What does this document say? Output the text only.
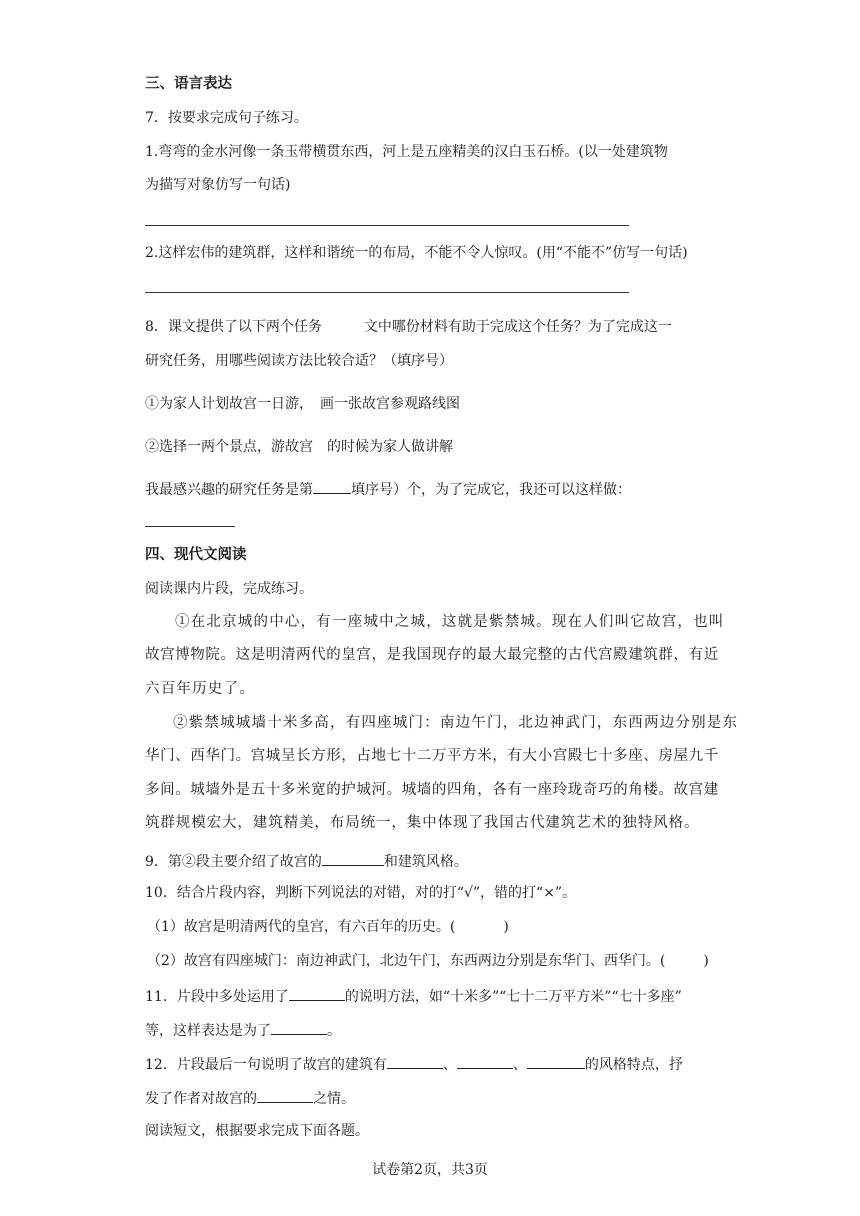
三、语言表达
7．按要求完成句子练习。
1.弯弯的金水河像一条玉带横贯东西，河上是五座精美的汉白玉石桥。(以一处建筑物
为描写对象仿写一句话)
2.这样宏伟的建筑群，这样和谐统一的布局，不能不令人惊叹。(用“不能不”仿写一句话)
8．课文提供了以下两个任务　　　文中哪份材料有助于完成这个任务？为了完成这一
研究任务，用哪些阅读方法比较合适？（填序号）
①为家人计划故宫一日游，　画一张故宫参观路线图
②选择一两个景点，游故宫　的时候为家人做讲解
我最感兴趣的研究任务是第	填序号）个，为了完成它，我还可以这样做：
四、现代文阅读
阅读课内片段，完成练习。
①在北京城的中心，有一座城中之城，这就是紫禁城。现在人们叫它故宫，也叫
故宫博物院。这是明清两代的皇宫，是我国现存的最大最完整的古代宫殿建筑群，有近
六百年历史了。
②紫禁城城墙十米多高，有四座城门：南边午门，北边神武门，东西两边分别是东
华门、西华门。宫城呈长方形，占地七十二万平方米，有大小宫殿七十多座、房屋九千
多间。城墙外是五十多米宽的护城河。城墙的四角，各有一座玲珑奇巧的角楼。故宫建
筑群规模宏大，建筑精美，布局统一，集中体现了我国古代建筑艺术的独特风格。
9．第②段主要介绍了故宫的	和建筑风格。
10．结合片段内容，判断下列说法的对错，对的打“√”，错的打“×”。
（1）故宫是明清两代的皇宫，有六百年的历史。(	)
（2）故宫有四座城门：南边神武门，北边午门，东西两边分别是东华门、西华门。(	)
11．片段中多处运用了	的说明方法，如“十米多”“七十二万平方米”“七十多座”
等，这样表达是为了	。
12．片段最后一句说明了故宫的建筑有	、	、	的风格特点，抒
发了作者对故宫的	之情。
阅读短文，根据要求完成下面各题。
试卷第2页，共3页
